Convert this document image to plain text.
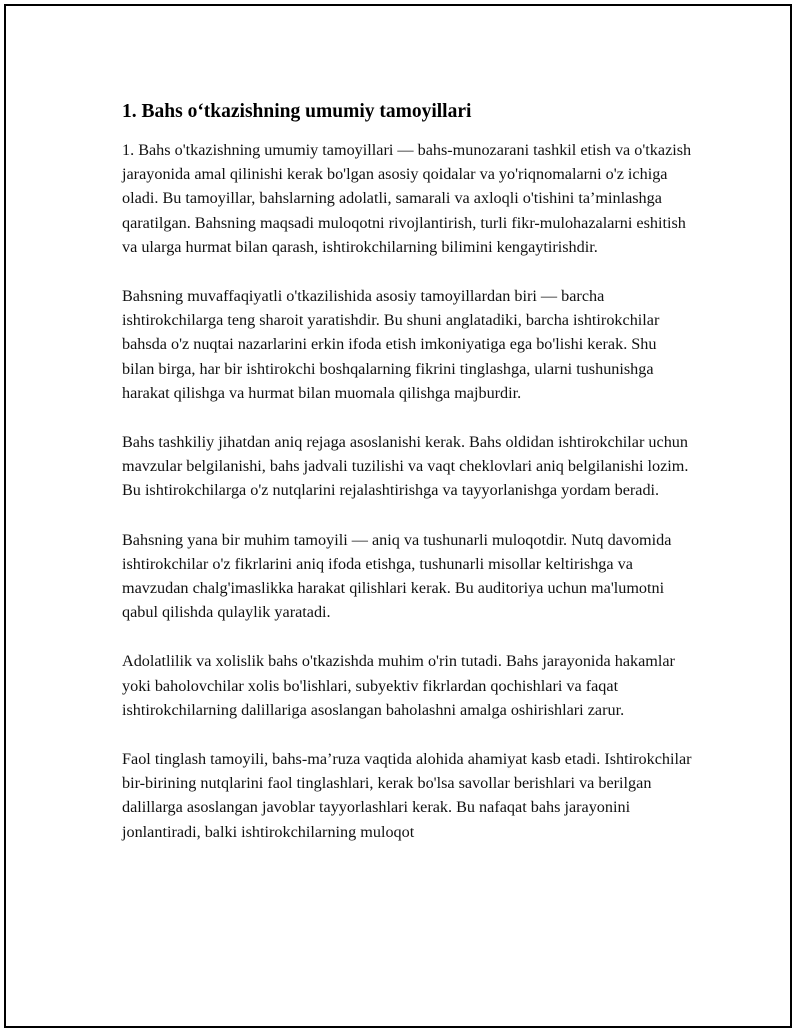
1. Bahs o‘tkazishning umumiy tamoyillari

1. Bahs o'tkazishning umumiy tamoyillari — bahs-munozarani tashkil etish va o'tkazish jarayonida amal qilinishi kerak bo'lgan asosiy qoidalar va yo'riqnomalarni o'z ichiga oladi. Bu tamoyillar, bahslarning adolatli, samarali va axloqli o'tishini ta’minlashga qaratilgan. Bahsning maqsadi muloqotni rivojlantirish, turli fikr-mulohazalarni eshitish va ularga hurmat bilan qarash, ishtirokchilarning bilimini kengaytirishdir.

Bahsning muvaffaqiyatli o'tkazilishida asosiy tamoyillardan biri — barcha ishtirokchilarga teng sharoit yaratishdir. Bu shuni anglatadiki, barcha ishtirokchilar bahsda o'z nuqtai nazarlarini erkin ifoda etish imkoniyatiga ega bo'lishi kerak. Shu bilan birga, har bir ishtirokchi boshqalarning fikrini tinglashga, ularni tushunishga harakat qilishga va hurmat bilan muomala qilishga majburdir.

Bahs tashkiliy jihatdan aniq rejaga asoslanishi kerak. Bahs oldidan ishtirokchilar uchun mavzular belgilanishi, bahs jadvali tuzilishi va vaqt cheklovlari aniq belgilanishi lozim. Bu ishtirokchilarga o'z nutqlarini rejalashtirishga va tayyorlanishga yordam beradi.

Bahsning yana bir muhim tamoyili — aniq va tushunarli muloqotdir. Nutq davomida ishtirokchilar o'z fikrlarini aniq ifoda etishga, tushunarli misollar keltirishga va mavzudan chalg'imaslikka harakat qilishlari kerak. Bu auditoriya uchun ma'lumotni qabul qilishda qulaylik yaratadi.

Adolatlilik va xolislik bahs o'tkazishda muhim o'rin tutadi. Bahs jarayonida hakamlar yoki baholovchilar xolis bo'lishlari, subyektiv fikrlardan qochishlari va faqat ishtirokchilarning dalillariga asoslangan baholashni amalga oshirishlari zarur.

Faol tinglash tamoyili, bahs-ma’ruza vaqtida alohida ahamiyat kasb etadi. Ishtirokchilar bir-birining nutqlarini faol tinglashlari, kerak bo'lsa savollar berishlari va berilgan dalillarga asoslangan javoblar tayyorlashlari kerak. Bu nafaqat bahs jarayonini jonlantiradi, balki ishtirokchilarning muloqot
